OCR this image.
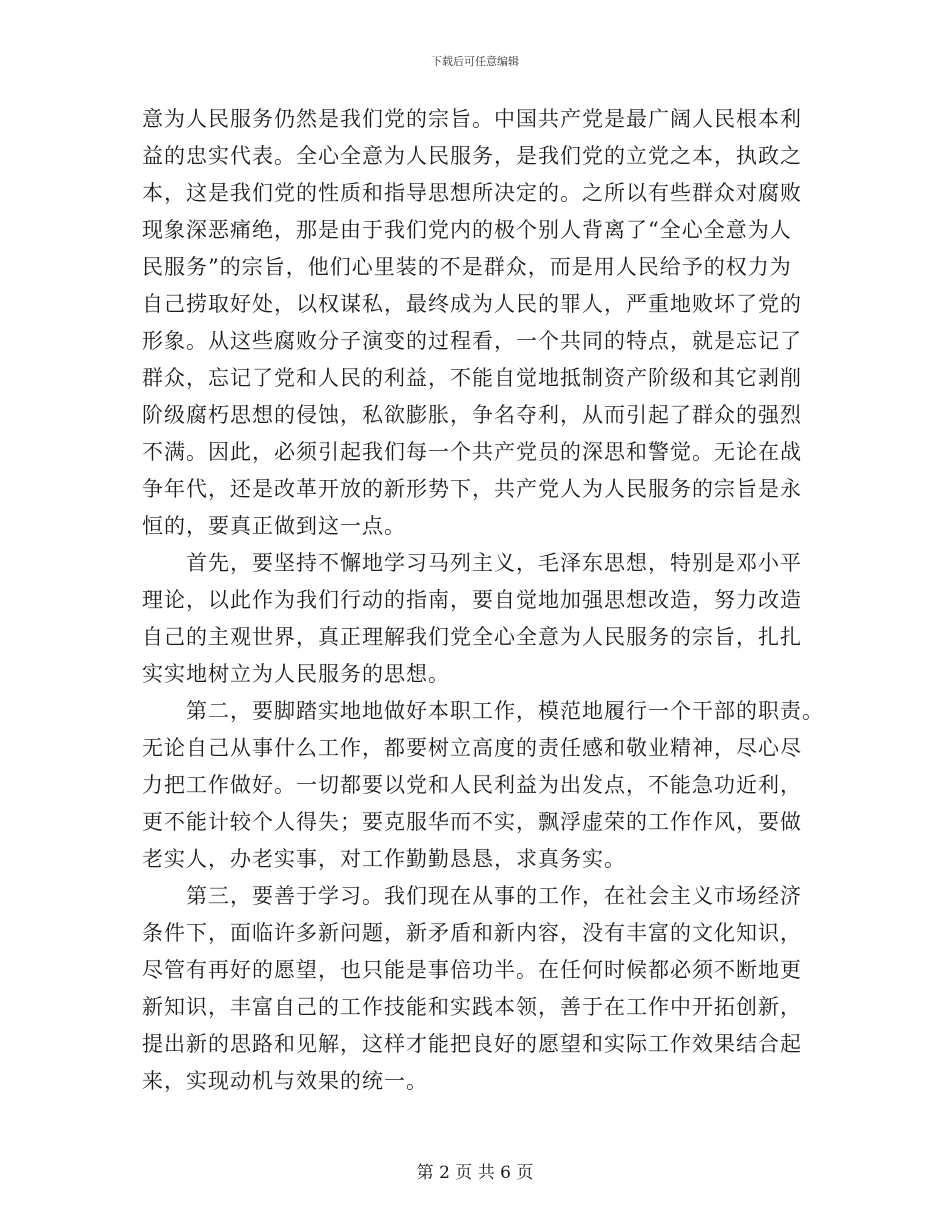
下载后可任意编辑
意为人民服务仍然是我们党的宗旨。中国共产党是最广阔人民根本利
益的忠实代表。全心全意为人民服务，是我们党的立党之本，执政之
本，这是我们党的性质和指导思想所决定的。之所以有些群众对腐败
现象深恶痛绝，那是由于我们党内的极个别人背离了“全心全意为人
民服务”的宗旨，他们心里装的不是群众，而是用人民给予的权力为
自己捞取好处，以权谋私，最终成为人民的罪人，严重地败坏了党的
形象。从这些腐败分子演变的过程看，一个共同的特点，就是忘记了
群众，忘记了党和人民的利益，不能自觉地抵制资产阶级和其它剥削
阶级腐朽思想的侵蚀，私欲膨胀，争名夺利，从而引起了群众的强烈
不满。因此，必须引起我们每一个共产党员的深思和警觉。无论在战
争年代，还是改革开放的新形势下，共产党人为人民服务的宗旨是永
恒的，要真正做到这一点。
　　首先，要坚持不懈地学习马列主义，毛泽东思想，特别是邓小平
理论，以此作为我们行动的指南，要自觉地加强思想改造，努力改造
自己的主观世界，真正理解我们党全心全意为人民服务的宗旨，扎扎
实实地树立为人民服务的思想。
　　第二，要脚踏实地地做好本职工作，模范地履行一个干部的职责。
无论自己从事什么工作，都要树立高度的责任感和敬业精神，尽心尽
力把工作做好。一切都要以党和人民利益为出发点，不能急功近利，
更不能计较个人得失；要克服华而不实，飘浮虚荣的工作作风，要做
老实人，办老实事，对工作勤勤恳恳，求真务实。
　　第三，要善于学习。我们现在从事的工作，在社会主义市场经济
条件下，面临许多新问题，新矛盾和新内容，没有丰富的文化知识，
尽管有再好的愿望，也只能是事倍功半。在任何时候都必须不断地更
新知识，丰富自己的工作技能和实践本领，善于在工作中开拓创新，
提出新的思路和见解，这样才能把良好的愿望和实际工作效果结合起
来，实现动机与效果的统一。
第 2 页 共 6 页
